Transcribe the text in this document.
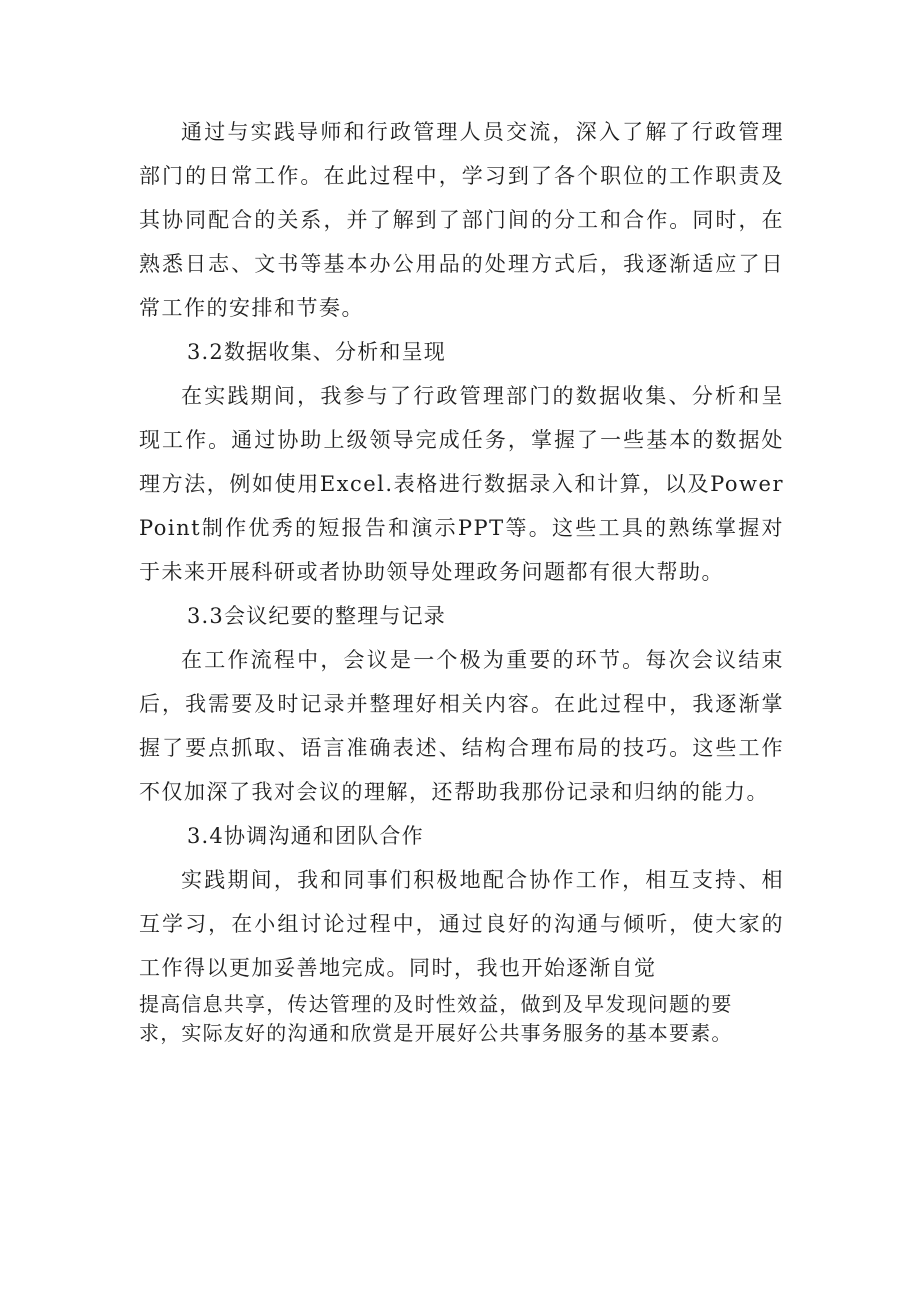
通过与实践导师和行政管理人员交流，深入了解了行政管理部门的日常工作。在此过程中，学习到了各个职位的工作职责及其协同配合的关系，并了解到了部门间的分工和合作。同时，在熟悉日志、文书等基本办公用品的处理方式后，我逐渐适应了日常工作的安排和节奏。

3.2数据收集、分析和呈现

在实践期间，我参与了行政管理部门的数据收集、分析和呈现工作。通过协助上级领导完成任务，掌握了一些基本的数据处理方法，例如使用Excel.表格进行数据录入和计算，以及PowerPoint制作优秀的短报告和演示PPT等。这些工具的熟练掌握对于未来开展科研或者协助领导处理政务问题都有很大帮助。

3.3会议纪要的整理与记录

在工作流程中，会议是一个极为重要的环节。每次会议结束后，我需要及时记录并整理好相关内容。在此过程中，我逐渐掌握了要点抓取、语言准确表述、结构合理布局的技巧。这些工作不仅加深了我对会议的理解，还帮助我那份记录和归纳的能力。

3.4协调沟通和团队合作

实践期间，我和同事们积极地配合协作工作，相互支持、相互学习，在小组讨论过程中，通过良好的沟通与倾听，使大家的工作得以更加妥善地完成。同时，我也开始逐渐自觉

提高信息共享，传达管理的及时性效益，做到及早发现问题的要

求，实际友好的沟通和欣赏是开展好公共事务服务的基本要素。
